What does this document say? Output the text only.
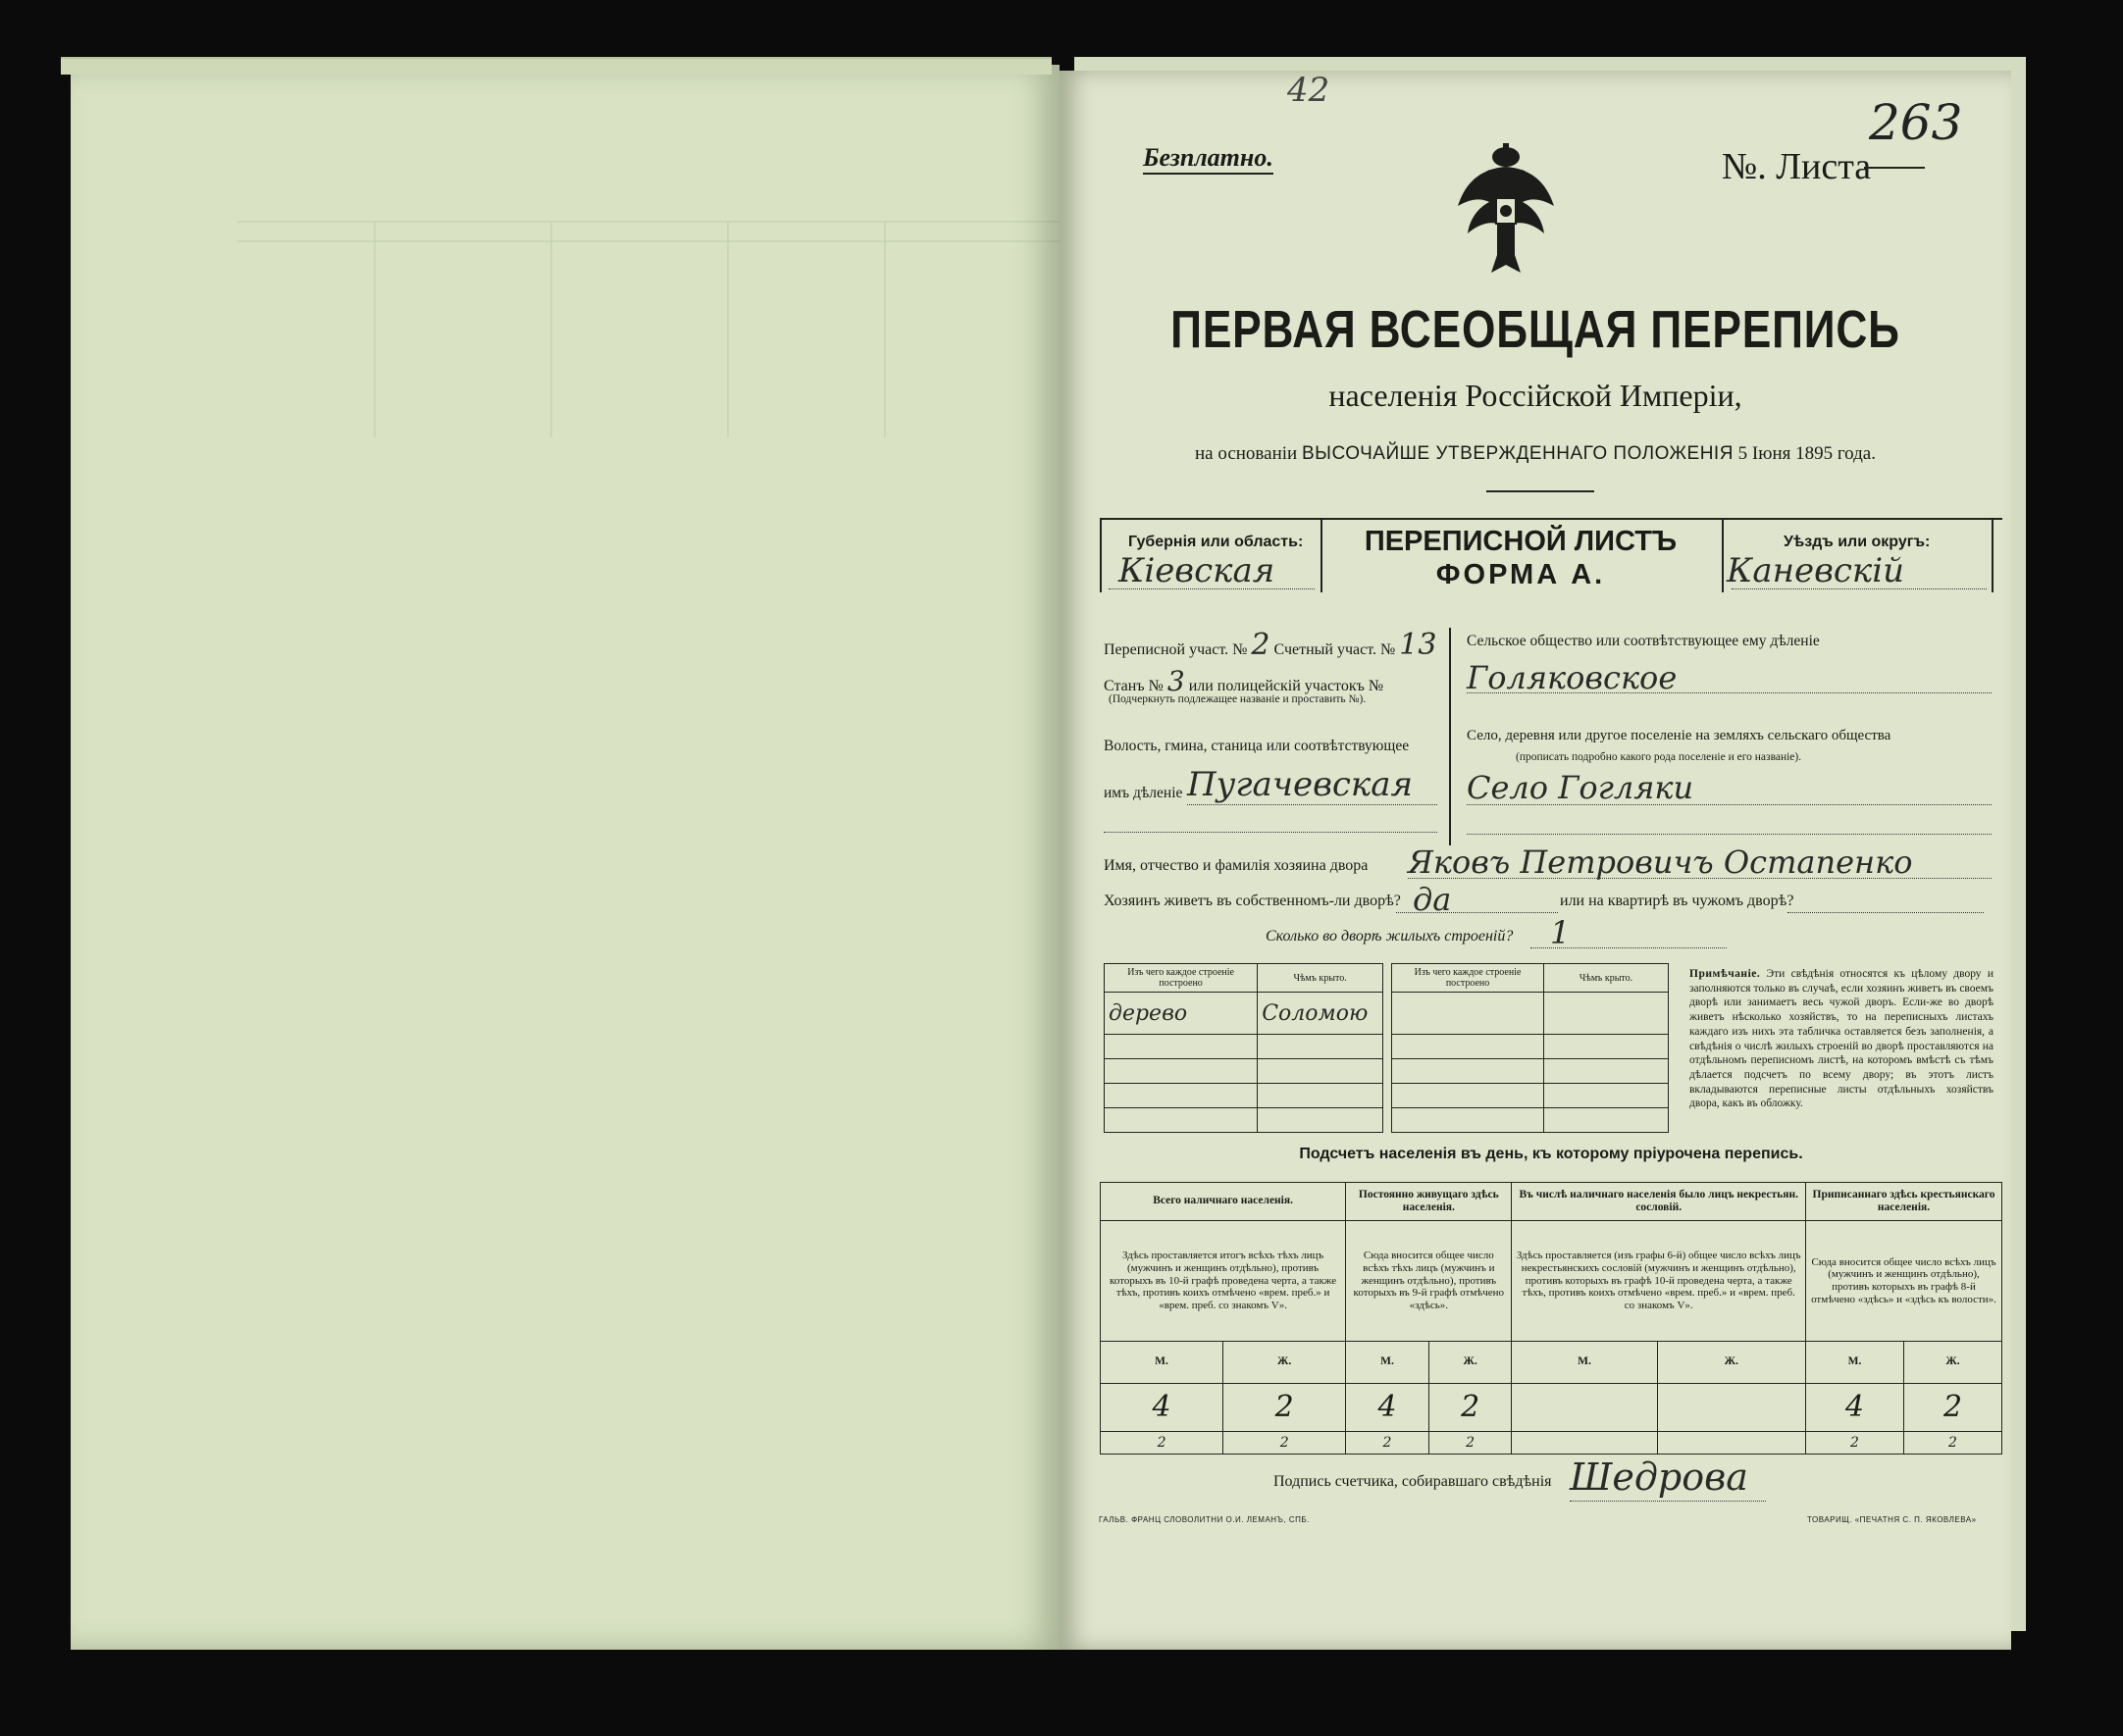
42
263
Безплатно.	№. Листа
ПЕРВАЯ ВСЕОБЩАЯ ПЕРЕПИСЬ
населенія Россійской Имперіи,
на основаніи ВЫСОЧАЙШЕ УТВЕРЖДЕННАГО ПОЛОЖЕНІЯ 5 Іюня 1895 года.
Губернія или область:
Кіевская
ПЕРЕПИСНОЙ ЛИСТЪ
ФОРМА А.
Уѣздъ или округъ:
Каневскій
Переписной участ. № 2 Счетный участ. № 13
Станъ № 3 или полицейскій участокъ №
(Подчеркнуть подлежащее названіе и проставить №).
Волость, гмина, станица или соотвѣтствующее
имъ дѣленіе Пугачевская
Сельское общество или соотвѣтствующее ему дѣленіе
Голяковское
Село, деревня или другое поселеніе на земляхъ сельскаго общества
(прописать подробно какого рода поселеніе и его названіе).
Село Гогляки
Имя, отчество и фамилія хозяина двора Яковъ Петровичъ Остапенко
Хозяинъ живетъ въ собственномъ-ли дворѣ? да	или на квартирѣ въ чужомъ дворѣ?
Сколько во дворѣ жилыхъ строеній? 1
Изъ чего каждое строеніе построено	Чѣмъ крыто.
дерево	Соломою

Изъ чего каждое строеніе построено	Чѣмъ крыто.

		Примѣчаніе. Эти свѣдѣнія относятся къ цѣлому двору и заполняются только въ случаѣ, если хозяинъ живетъ въ своемъ дворѣ или занимаетъ весь чужой дворъ. Если-же во дворѣ живетъ нѣсколько хозяйствъ, то на переписныхъ листахъ каждаго изъ нихъ эта табличка оставляется безъ заполненія, а свѣдѣнія о числѣ жилыхъ строеній во дворѣ проставляются на отдѣльномъ переписномъ листѣ, на которомъ вмѣстѣ съ тѣмъ дѣлается подсчетъ по всему двору; въ этотъ листъ вкладываются переписные листы отдѣльныхъ хозяйствъ двора, какъ въ обложку.
Подсчетъ населенія въ день, къ которому пріурочена перепись.
Всего наличнаго населенія.		Постоянно живущаго здѣсь населенія.		Въ числѣ наличнаго населенія было лицъ некрестьян. сословій.		Приписаннаго здѣсь крестьянскаго населенія.	
Здѣсь проставляется итогъ всѣхъ тѣхъ лицъ (мужчинъ и женщинъ отдѣльно), противъ которыхъ въ 10-й графѣ проведена черта, а также тѣхъ, противъ коихъ отмѣчено «врем. преб.» и «врем. преб. со знакомъ V».		Сюда вносится общее число всѣхъ тѣхъ лицъ (мужчинъ и женщинъ отдѣльно), противъ которыхъ въ 9-й графѣ отмѣчено «здѣсь».		Здѣсь проставляется (изъ графы 6-й) общее число всѣхъ лицъ некрестьянскихъ сословій (мужчинъ и женщинъ отдѣльно), противъ которыхъ въ графѣ 10-й проведена черта, а также тѣхъ, противъ коихъ отмѣчено «врем. преб.» и «врем. преб. со знакомъ V».		Сюда вносится общее число всѣхъ лицъ (мужчинъ и женщинъ отдѣльно), противъ которыхъ въ графѣ 8-й отмѣчено «здѣсь» и «здѣсь къ волости».	
М.	Ж.	М.	Ж.	М.	Ж.	М.	Ж.
4	2	4	2			4	2
2	2	2	2			2	2
Подпись счетчика, собиравшаго свѣдѣнія Шедрова
ГАЛЬВ. ФРАНЦ СЛОВОЛИТНИ О.И. ЛЕМАНЪ, СПБ.	ТОВАРИЩ. «ПЕЧАТНЯ С. П. ЯКОВЛЕВА»
